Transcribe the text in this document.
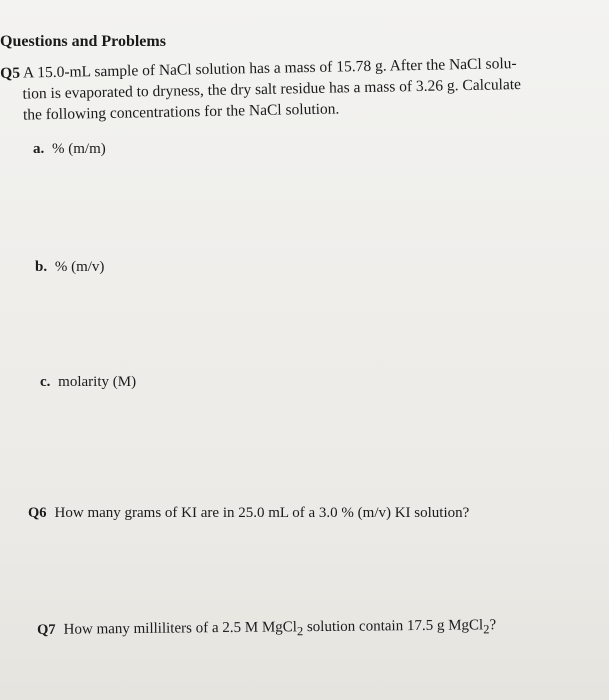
Questions and Problems
Q5 A 15.0-mL sample of NaCl solution has a mass of 15.78 g. After the NaCl solu-
tion is evaporated to dryness, the dry salt residue has a mass of 3.26 g. Calculate
the following concentrations for the NaCl solution.
a. % (m/m)
b. % (m/v)
c. molarity (M)
Q6 How many grams of KI are in 25.0 mL of a 3.0 % (m/v) KI solution?
Q7 How many milliliters of a 2.5 M MgCl$_2$ solution contain 17.5 g MgCl$_2$?
